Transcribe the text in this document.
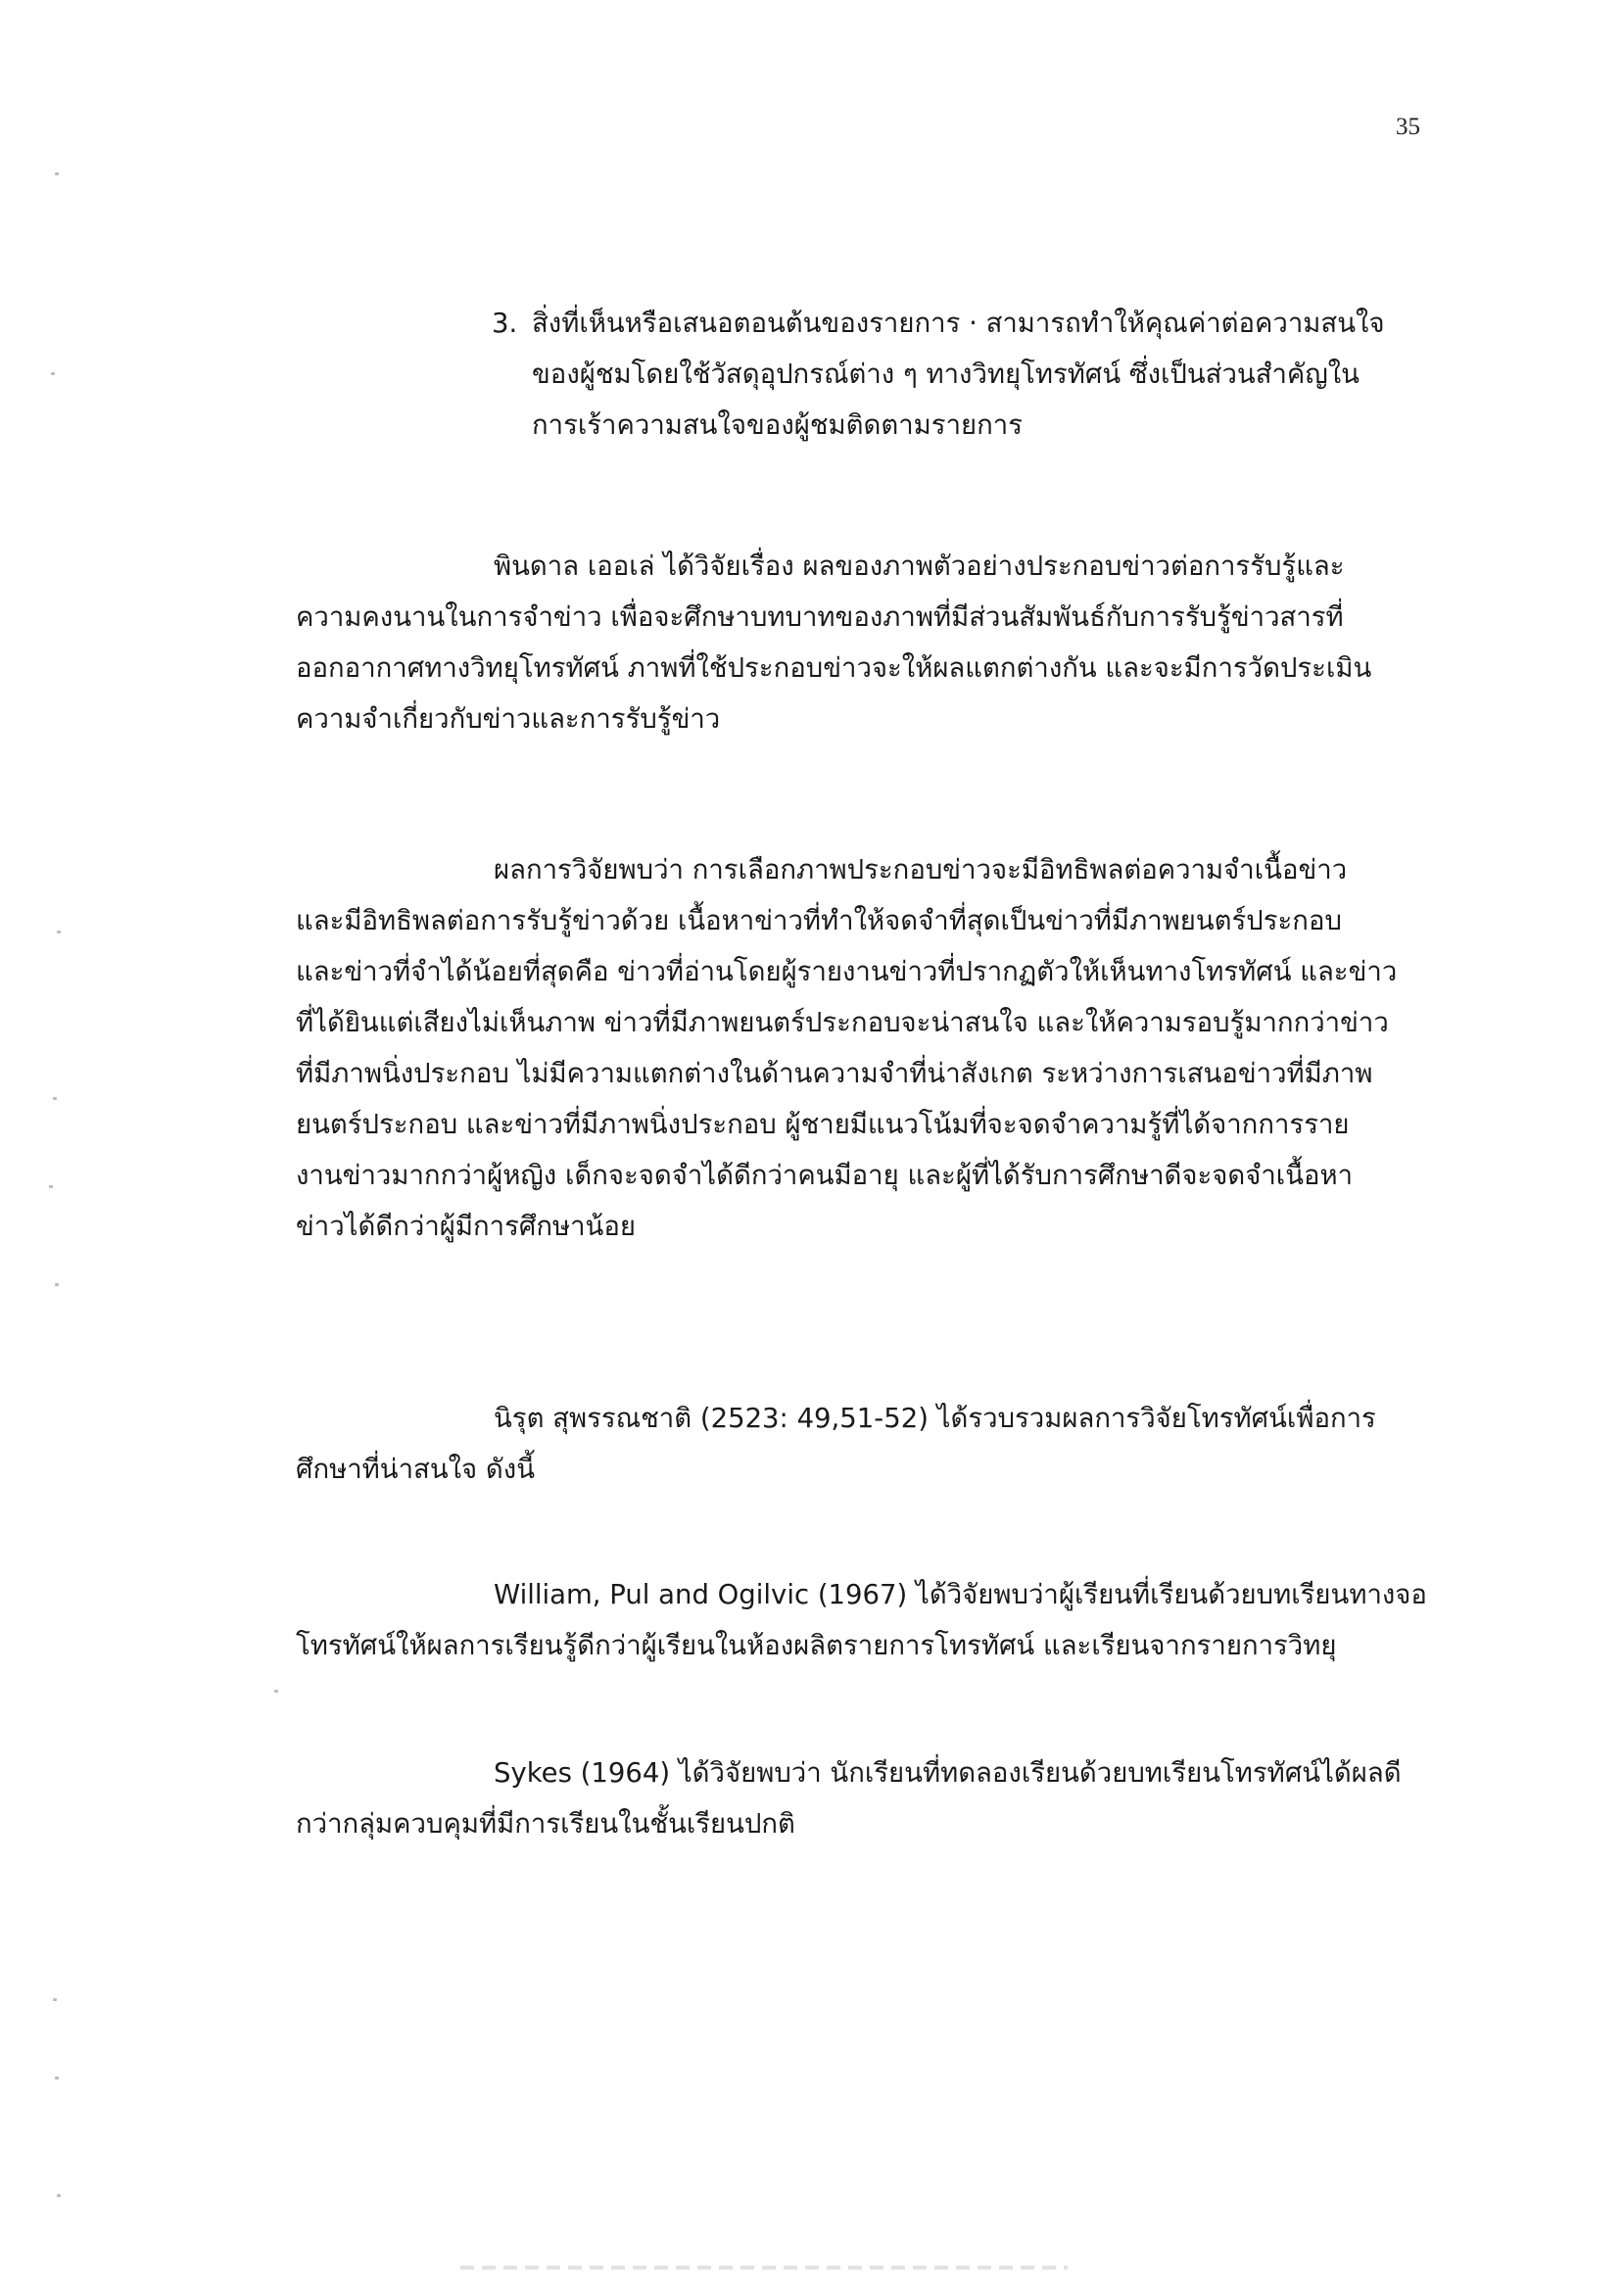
35
3. สิ่งที่เห็นหรือเสนอตอนต้นของรายการ · สามารถทำให้คุณค่าต่อความสนใจ
ของผู้ชมโดยใช้วัสดุอุปกรณ์ต่าง ๆ ทางวิทยุโทรทัศน์ ซึ่งเป็นส่วนสำคัญใน
การเร้าความสนใจของผู้ชมติดตามรายการ
พินดาล เออเล่ ได้วิจัยเรื่อง ผลของภาพตัวอย่างประกอบข่าวต่อการรับรู้และ
ความคงนานในการจำข่าว เพื่อจะศึกษาบทบาทของภาพที่มีส่วนสัมพันธ์กับการรับรู้ข่าวสารที่
ออกอากาศทางวิทยุโทรทัศน์ ภาพที่ใช้ประกอบข่าวจะให้ผลแตกต่างกัน และจะมีการวัดประเมิน
ความจำเกี่ยวกับข่าวและการรับรู้ข่าว
ผลการวิจัยพบว่า การเลือกภาพประกอบข่าวจะมีอิทธิพลต่อความจำเนื้อข่าว
และมีอิทธิพลต่อการรับรู้ข่าวด้วย เนื้อหาข่าวที่ทำให้จดจำที่สุดเป็นข่าวที่มีภาพยนตร์ประกอบ
และข่าวที่จำได้น้อยที่สุดคือ ข่าวที่อ่านโดยผู้รายงานข่าวที่ปรากฏตัวให้เห็นทางโทรทัศน์ และข่าว
ที่ได้ยินแต่เสียงไม่เห็นภาพ ข่าวที่มีภาพยนตร์ประกอบจะน่าสนใจ และให้ความรอบรู้มากกว่าข่าว
ที่มีภาพนิ่งประกอบ ไม่มีความแตกต่างในด้านความจำที่น่าสังเกต ระหว่างการเสนอข่าวที่มีภาพ
ยนตร์ประกอบ และข่าวที่มีภาพนิ่งประกอบ ผู้ชายมีแนวโน้มที่จะจดจำความรู้ที่ได้จากการราย
งานข่าวมากกว่าผู้หญิง เด็กจะจดจำได้ดีกว่าคนมีอายุ และผู้ที่ได้รับการศึกษาดีจะจดจำเนื้อหา
ข่าวได้ดีกว่าผู้มีการศึกษาน้อย
นิรุต สุพรรณชาติ (2523: 49,51-52) ได้รวบรวมผลการวิจัยโทรทัศน์เพื่อการ
ศึกษาที่น่าสนใจ ดังนี้
William, Pul and Ogilvic (1967) ได้วิจัยพบว่าผู้เรียนที่เรียนด้วยบทเรียนทางจอ
โทรทัศน์ให้ผลการเรียนรู้ดีกว่าผู้เรียนในห้องผลิตรายการโทรทัศน์ และเรียนจากรายการวิทยุ
Sykes (1964) ได้วิจัยพบว่า นักเรียนที่ทดลองเรียนด้วยบทเรียนโทรทัศน์ได้ผลดี
กว่ากลุ่มควบคุมที่มีการเรียนในชั้นเรียนปกติ
